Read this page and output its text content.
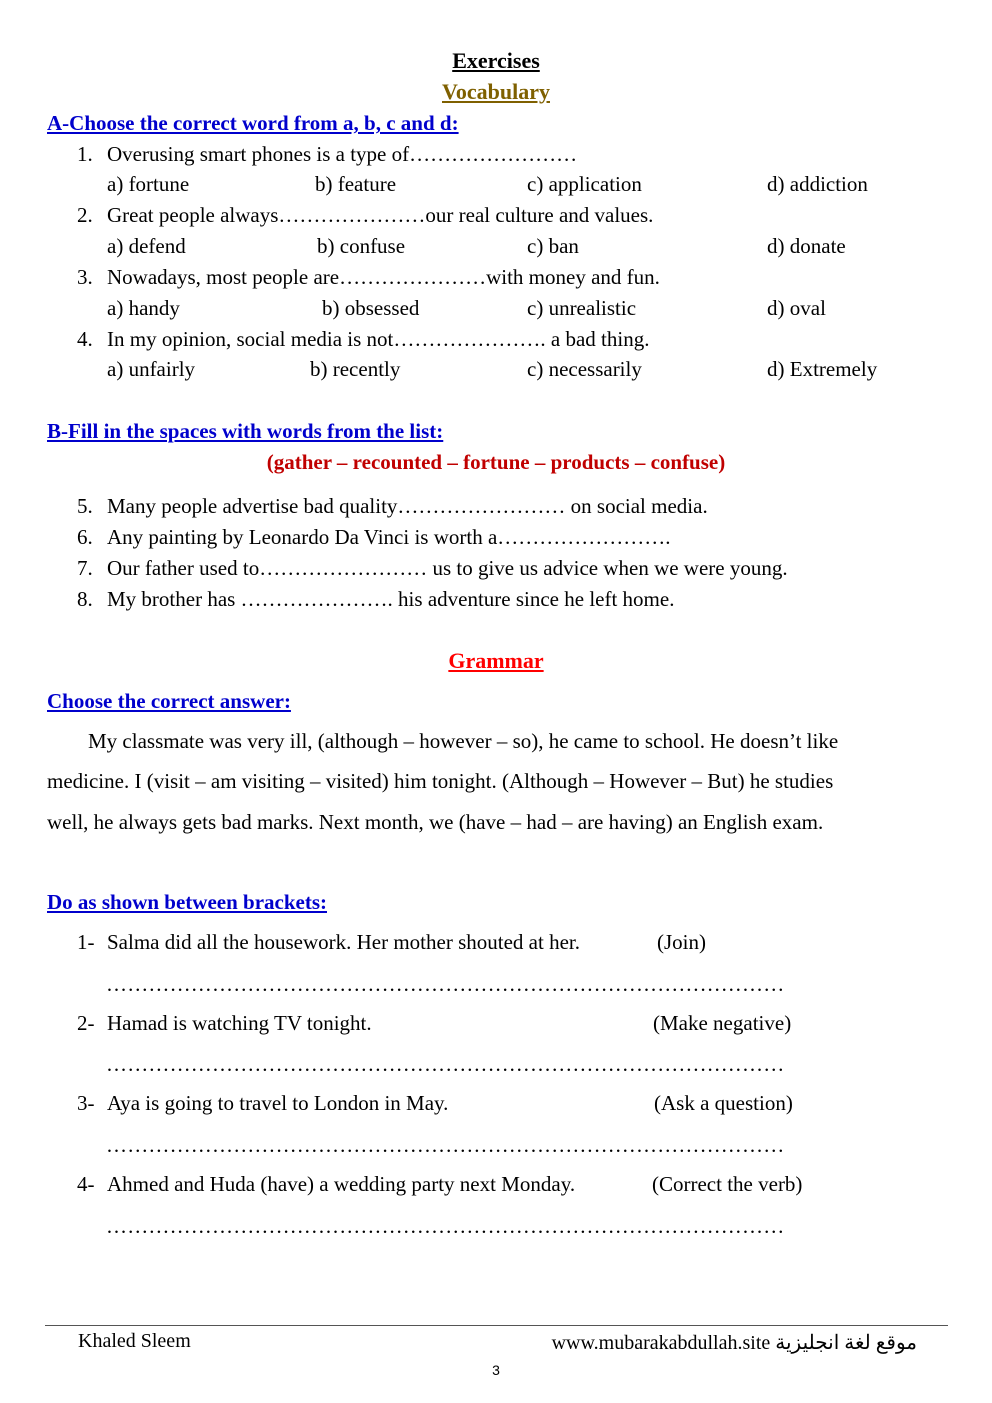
Exercises
Vocabulary
A-Choose the correct word from a, b, c and d:
1. Overusing smart phones is a type of……………………
a) fortune	b) feature	c) application	d) addiction
2. Great people always…………………our real culture and values.
a) defend	b) confuse	c) ban	d) donate
3. Nowadays, most people are…………………with money and fun.
a) handy	b) obsessed	c) unrealistic	d) oval
4. In my opinion, social media is not…………………. a bad thing.
a) unfairly	b) recently	c) necessarily	d) Extremely
B-Fill in the spaces with words from the list:
(gather – recounted – fortune – products – confuse)
5. Many people advertise bad quality…………………… on social media.
6. Any painting by Leonardo Da Vinci is worth a…………………….
7. Our father used to…………………… us to give us advice when we were young.
8. My brother has …………………. his adventure since he left home.
Grammar
Choose the correct answer:
My classmate was very ill, (although – however – so), he came to school. He doesn’t like
medicine. I (visit – am visiting – visited) him tonight. (Although – However – But) he studies
well, he always gets bad marks. Next month, we (have – had – are having) an English exam.
Do as shown between brackets:
1- Salma did all the housework. Her mother shouted at her.	(Join)
……………………………………………………………………………………
2- Hamad is watching TV tonight.	(Make negative)
……………………………………………………………………………………
3- Aya is going to travel to London in May.	(Ask a question)
……………………………………………………………………………………
4- Ahmed and Huda (have) a wedding party next Monday.	(Correct the verb)
……………………………………………………………………………………
Khaled Sleem	www.mubarakabdullah.site موقع لغة انجليزية
3
